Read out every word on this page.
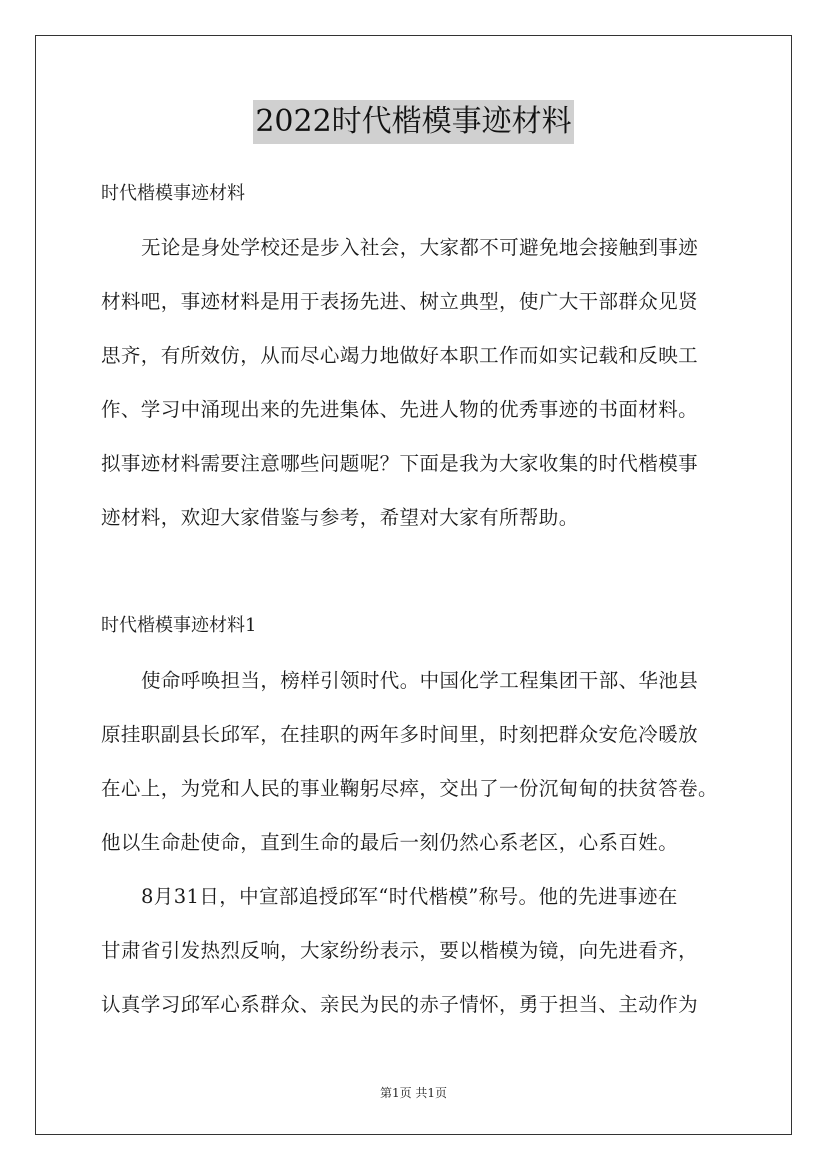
2022时代楷模事迹材料
时代楷模事迹材料
无论是身处学校还是步入社会，大家都不可避免地会接触到事迹
材料吧，事迹材料是用于表扬先进、树立典型，使广大干部群众见贤
思齐，有所效仿，从而尽心竭力地做好本职工作而如实记载和反映工
作、学习中涌现出来的先进集体、先进人物的优秀事迹的书面材料。
拟事迹材料需要注意哪些问题呢？下面是我为大家收集的时代楷模事
迹材料，欢迎大家借鉴与参考，希望对大家有所帮助。
时代楷模事迹材料1
使命呼唤担当，榜样引领时代。中国化学工程集团干部、华池县
原挂职副县长邱军，在挂职的两年多时间里，时刻把群众安危冷暖放
在心上，为党和人民的事业鞠躬尽瘁，交出了一份沉甸甸的扶贫答卷。
他以生命赴使命，直到生命的最后一刻仍然心系老区，心系百姓。
8月31日，中宣部追授邱军“时代楷模”称号。他的先进事迹在
甘肃省引发热烈反响，大家纷纷表示，要以楷模为镜，向先进看齐，
认真学习邱军心系群众、亲民为民的赤子情怀，勇于担当、主动作为
第1页 共1页
